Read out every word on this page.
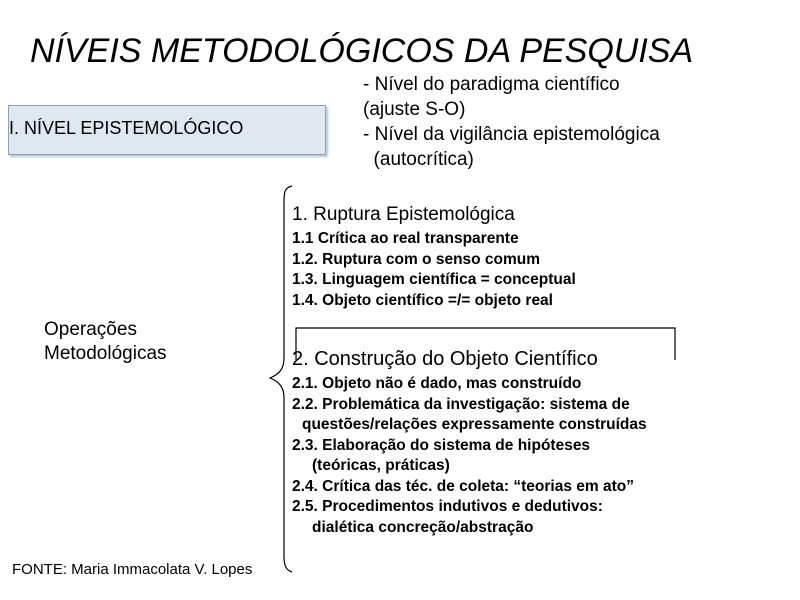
NÍVEIS METODOLÓGICOS DA PESQUISA
I. NÍVEL EPISTEMOLÓGICO
- Nível do paradigma científico
(ajuste S-O)
- Nível da vigilância epistemológica
(autocrítica)
Operações
Metodológicas
1. Ruptura Epistemológica
1.1 Crítica ao real transparente
1.2. Ruptura com o senso comum
1.3. Linguagem científica = conceptual
1.4. Objeto científico =/= objeto real
2. Construção do Objeto Científico
2.1. Objeto não é dado, mas construído
2.2. Problemática da investigação: sistema de
questões/relações expressamente construídas
2.3. Elaboração do sistema de hipóteses
(teóricas, práticas)
2.4. Crítica das téc. de coleta: “teorias em ato”
2.5. Procedimentos indutivos e dedutivos:
dialética concreção/abstração
FONTE: Maria Immacolata V. Lopes
